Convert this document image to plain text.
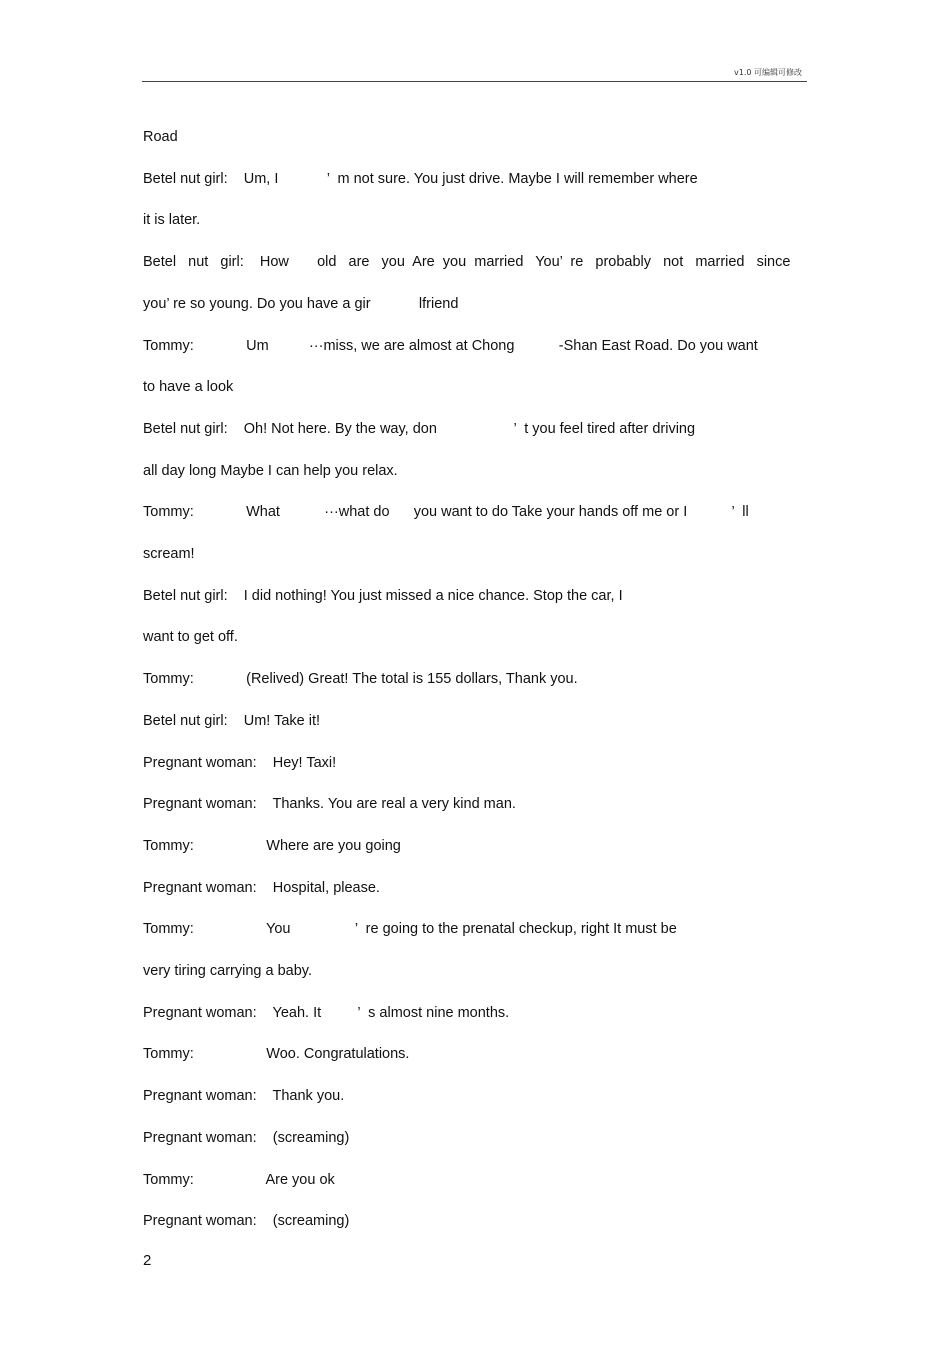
v1.0 可编辑可修改
Road
Betel nut girl:    Um, I            ’  m not sure. You just drive. Maybe I will remember where
it is later.
Betel   nut   girl:    How       old   are   you  Are  you  married   You’  re   probably   not   married   since
you’ re so young. Do you have a gir            lfriend
Tommy:             Um          ···miss, we are almost at Chong           -Shan East Road. Do you want
to have a look
Betel nut girl:    Oh! Not here. By the way, don                   ’  t you feel tired after driving
all day long Maybe I can help you relax.
Tommy:             What           ···what do      you want to do Take your hands off me or I           ’  ll
scream!
Betel nut girl:    I did nothing! You just missed a nice chance. Stop the car, I
want to get off.
Tommy:             (Relived) Great! The total is 155 dollars, Thank you.
Betel nut girl:    Um! Take it!
Pregnant woman:    Hey! Taxi!
Pregnant woman:    Thanks. You are real a very kind man.
Tommy:                  Where are you going
Pregnant woman:    Hospital, please.
Tommy:                  You                ’  re going to the prenatal checkup, right It must be
very tiring carrying a baby.
Pregnant woman:    Yeah. It         ’  s almost nine months.
Tommy:                  Woo. Congratulations.
Pregnant woman:    Thank you.
Pregnant woman:    (screaming)
Tommy:                  Are you ok
Pregnant woman:    (screaming)
2
